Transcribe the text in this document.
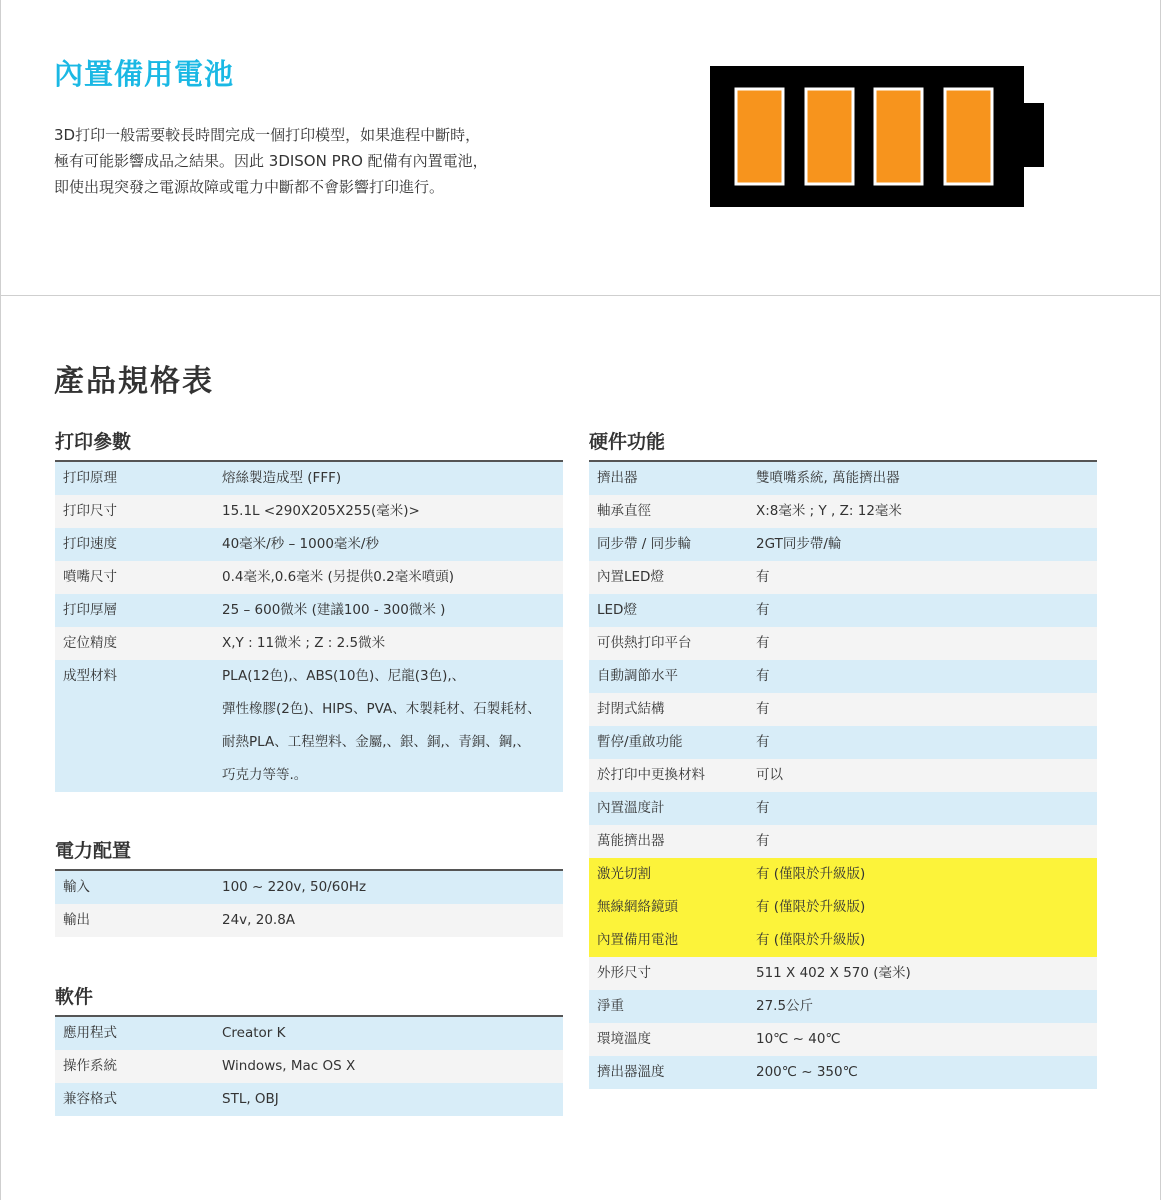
內置備用電池
3D打印一般需要較長時間完成一個打印模型，如果進程中斷時，
極有可能影響成品之結果。因此 3DISON PRO 配備有內置電池，
即使出現突發之電源故障或電力中斷都不會影響打印進行。
產品規格表
打印參數
打印原理	熔絲製造成型 (FFF)
打印尺寸	15.1L <290X205X255(毫米)>
打印速度	40毫米/秒 – 1000毫米/秒
噴嘴尺寸	0.4毫米,0.6毫米 (另提供0.2毫米噴頭)
打印厚層	25 – 600微米 (建議100 - 300微米 )
定位精度	X,Y : 11微米 ; Z : 2.5微米
成型材料	PLA(12色),、ABS(10色)、尼龍(3色),、
彈性橡膠(2色)、HIPS、PVA、木製耗材、石製耗材、
耐熱PLA、工程塑料、金屬,、銀、銅,、青銅、鋼,、
巧克力等等.。
電力配置
輸入	100 ~ 220v, 50/60Hz
輸出	24v, 20.8A
軟件
應用程式	Creator K
操作系統	Windows, Mac OS X
兼容格式	STL, OBJ
硬件功能
擠出器	雙噴嘴系統, 萬能擠出器
軸承直徑	X:8毫米 ; Y , Z: 12毫米
同步帶 / 同步輪	2GT同步帶/輪
內置LED燈	有
LED燈	有
可供熱打印平台	有
自動調節水平	有
封閉式結構	有
暫停/重啟功能	有
於打印中更換材料	可以
內置溫度計	有
萬能擠出器	有
激光切割	有 (僅限於升級版)
無線網絡鏡頭	有 (僅限於升級版)
內置備用電池	有 (僅限於升級版)
外形尺寸	511 X 402 X 570 (毫米)
淨重	27.5公斤
環境溫度	10℃ ~ 40℃
擠出器溫度	200℃ ~ 350℃
